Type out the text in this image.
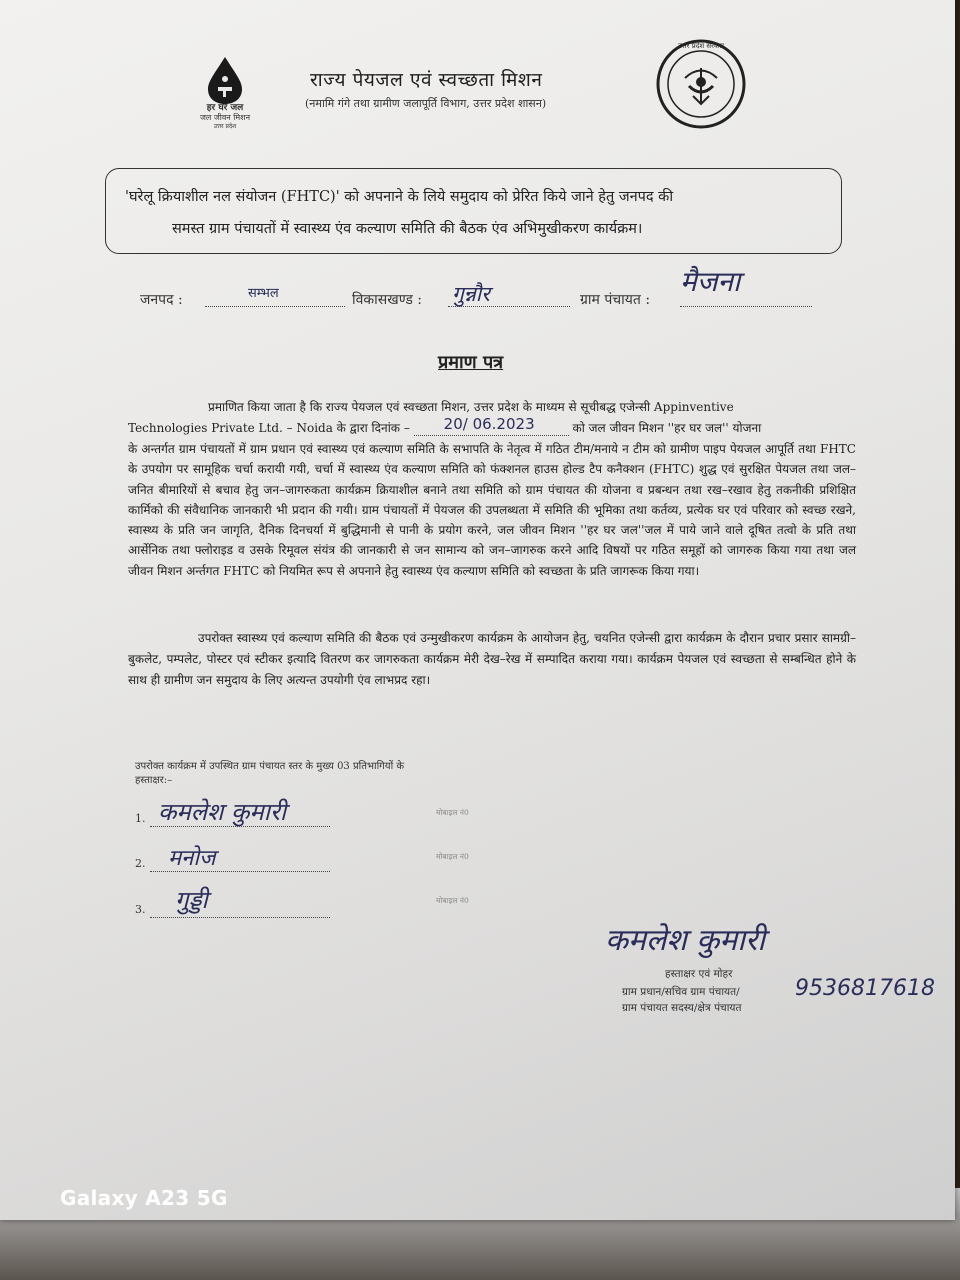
हर घर जल
जल जीवन मिशन
उत्तर प्रदेश
राज्य पेयजल एवं स्वच्छता मिशन
(नमामि गंगे तथा ग्रामीण जलापूर्ति विभाग, उत्तर प्रदेश शासन)
उत्तर प्रदेश सरकार
'घरेलू क्रियाशील नल संयोजन (FHTC)' को अपनाने के लिये समुदाय को प्रेरित किये जाने हेतु जनपद की
समस्त ग्राम पंचायतों में स्वास्थ्य एंव कल्याण समिति की बैठक एंव अभिमुखीकरण कार्यक्रम।
जनपद :	सम्भल	विकासखण्ड : गुन्नौर	ग्राम पंचायत :
मैजना
प्रमाण पत्र
प्रमाणित किया जाता है कि राज्य पेयजल एवं स्वच्छता मिशन, उत्तर प्रदेश के माध्यम से सूचीबद्ध एजेन्सी Appinventive
Technologies Private Ltd. – Noida के द्वारा दिनांक – 20/ 06.2023	को जल जीवन मिशन ''हर घर जल'' योजना
के अन्तर्गत ग्राम पंचायतों में ग्राम प्रधान एवं स्वास्थ्य एवं कल्याण समिति के सभापति के नेतृत्व में गठित टीम/मनाये न टीम को ग्रामीण पाइप पेयजल आपूर्ति तथा FHTC के उपयोग पर सामूहिक चर्चा करायी गयी, चर्चा में स्वास्थ्य एंव कल्याण समिति को फंक्शनल हाउस होल्ड टैप कनैक्शन (FHTC) शुद्ध एवं सुरक्षित पेयजल तथा जल–जनित बीमारियों से बचाव हेतु जन–जागरुकता कार्यक्रम क्रियाशील बनाने तथा समिति को ग्राम पंचायत की योजना व प्रबन्धन तथा रख–रखाव हेतु तकनीकी प्रशिक्षित कार्मिको की संवैधानिक जानकारी भी प्रदान की गयी। ग्राम पंचायतों में पेयजल की उपलब्धता में समिति की भूमिका तथा कर्तव्य, प्रत्येक घर एवं परिवार को स्वच्छ रखने, स्वास्थ्य के प्रति जन जागृति, दैनिक दिनचर्या में बुद्धिमानी से पानी के प्रयोग करने, जल जीवन मिशन ''हर घर जल''जल में पाये जाने वाले दूषित तत्वो के प्रति तथा आर्सेनिक तथा फ्लोराइड व उसके रिमूवल संयंत्र की जानकारी से जन सामान्य को जन–जागरुक करने आदि विषयों पर गठित समूहों को जागरुक किया गया तथा जल जीवन मिशन अर्न्तगत FHTC को नियमित रूप से अपनाने हेतु स्वास्थ्य एंव कल्याण समिति को स्वच्छता के प्रति जागरूक किया गया।
उपरोक्त स्वास्थ्य एवं कल्याण समिति की बैठक एवं उन्मुखीकरण कार्यक्रम के आयोजन हेतु, चयनित एजेन्सी द्वारा कार्यक्रम के दौरान प्रचार प्रसार सामग्री–बुकलेट, पम्पलेट, पोस्टर एवं स्टीकर इत्यादि वितरण कर जागरुकता कार्यक्रम मेरी देख–रेख में सम्पादित कराया गया। कार्यक्रम पेयजल एवं स्वच्छता से सम्बन्धित होने के साथ ही ग्रामीण जन समुदाय के लिए अत्यन्त उपयोगी एंव लाभप्रद रहा।
उपरोक्त कार्यक्रम में उपस्थित ग्राम पंचायत स्तर के मुख्य 03 प्रतिभागियों के
हस्ताक्षर:–
1. कमलेश कुमारी	मोबाइल नं0
2. मनोज	मोबाइल नं0
3. गुड्डी	मोबाइल नं0
कमलेश कुमारी
हस्ताक्षर एवं मोहर
ग्राम प्रधान/सचिव ग्राम पंचायत/
ग्राम पंचायत सदस्य/क्षेत्र पंचायत
9536817618
Galaxy A23 5G
